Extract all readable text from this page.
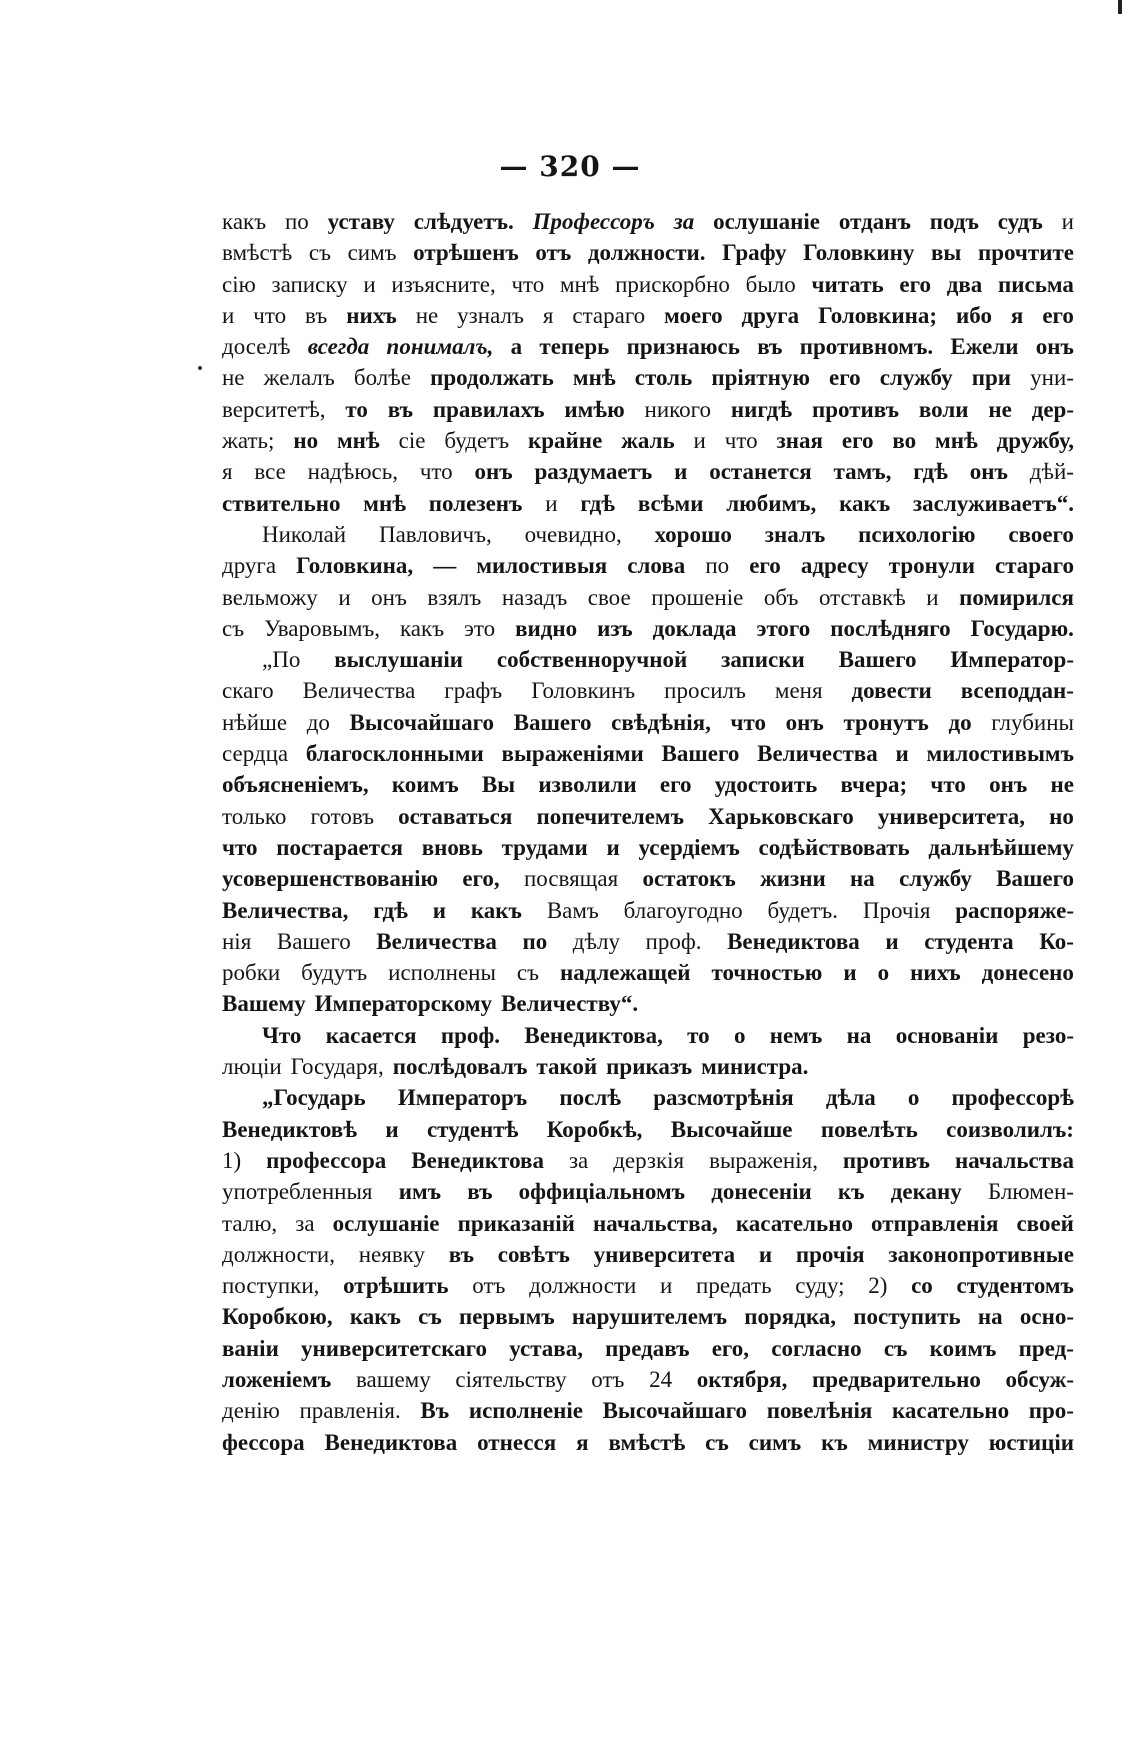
— 320 —
какъ по уставу слѣдуетъ. Профессоръ за ослушаніе отданъ подъ судъ и
вмѣстѣ съ симъ отрѣшенъ отъ должности. Графу Головкину вы прочтите
сію записку и изъясните, что мнѣ прискорбно было читать его два письма
и что въ нихъ не узналъ я стараго моего друга Головкина; ибо я его
доселѣ всегда понималъ, а теперь признаюсь въ противномъ. Ежели онъ
не желалъ болѣе продолжать мнѣ столь пріятную его службу при уни-
верситетѣ, то въ правилахъ имѣю никого нигдѣ противъ воли не дер-
жать; но мнѣ сіе будетъ крайне жаль и что зная его во мнѣ дружбу,
я все надѣюсь, что онъ раздумаетъ и останется тамъ, гдѣ онъ дѣй-
ствительно мнѣ полезенъ и гдѣ всѣми любимъ, какъ заслуживаетъ“.
Николай Павловичъ, очевидно, хорошо зналъ психологію своего
друга Головкина, — милостивыя слова по его адресу тронули стараго
вельможу и онъ взялъ назадъ свое прошеніе объ отставкѣ и помирился
съ Уваровымъ, какъ это видно изъ доклада этого послѣдняго Государю.
„По выслушаніи собственноручной записки Вашего Император-
скаго Величества графъ Головкинъ просилъ меня довести всеподдан-
нѣйше до Высочайшаго Вашего свѣдѣнія, что онъ тронутъ до глубины
сердца благосклонными выраженіями Вашего Величества и милостивымъ
объясненіемъ, коимъ Вы изволили его удостоить вчера; что онъ не
только готовъ оставаться попечителемъ Харьковскаго университета, но
что постарается вновь трудами и усердіемъ содѣйствовать дальнѣйшему
усовершенствованію его, посвящая остатокъ жизни на службу Вашего
Величества, гдѣ и какъ Вамъ благоугодно будетъ. Прочія распоряже-
нія Вашего Величества по дѣлу проф. Венедиктова и студента Ко-
робки будутъ исполнены съ надлежащей точностью и о нихъ донесено
Вашему Императорскому Величеству“.
Что касается проф. Венедиктова, то о немъ на основаніи резо-
люціи Государя, послѣдовалъ такой приказъ министра.
„Государь Императоръ послѣ разсмотрѣнія дѣла о профессорѣ
Венедиктовѣ и студентѣ Коробкѣ, Высочайше повелѣть соизволилъ:
1) профессора Венедиктова за дерзкія выраженія, противъ начальства
употребленныя имъ въ оффиціальномъ донесеніи къ декану Блюмен-
талю, за ослушаніе приказаній начальства, касательно отправленія своей
должности, неявку въ совѣтъ университета и прочія законопротивные
поступки, отрѣшить отъ должности и предать суду; 2) со студентомъ
Коробкою, какъ съ первымъ нарушителемъ порядка, поступить на осно-
ваніи университетскаго устава, предавъ его, согласно съ коимъ пред-
ложеніемъ вашему сіятельству отъ 24 октября, предварительно обсуж-
денію правленія. Въ исполненіе Высочайшаго повелѣнія касательно про-
фессора Венедиктова отнесся я вмѣстѣ съ симъ къ министру юстиціи
